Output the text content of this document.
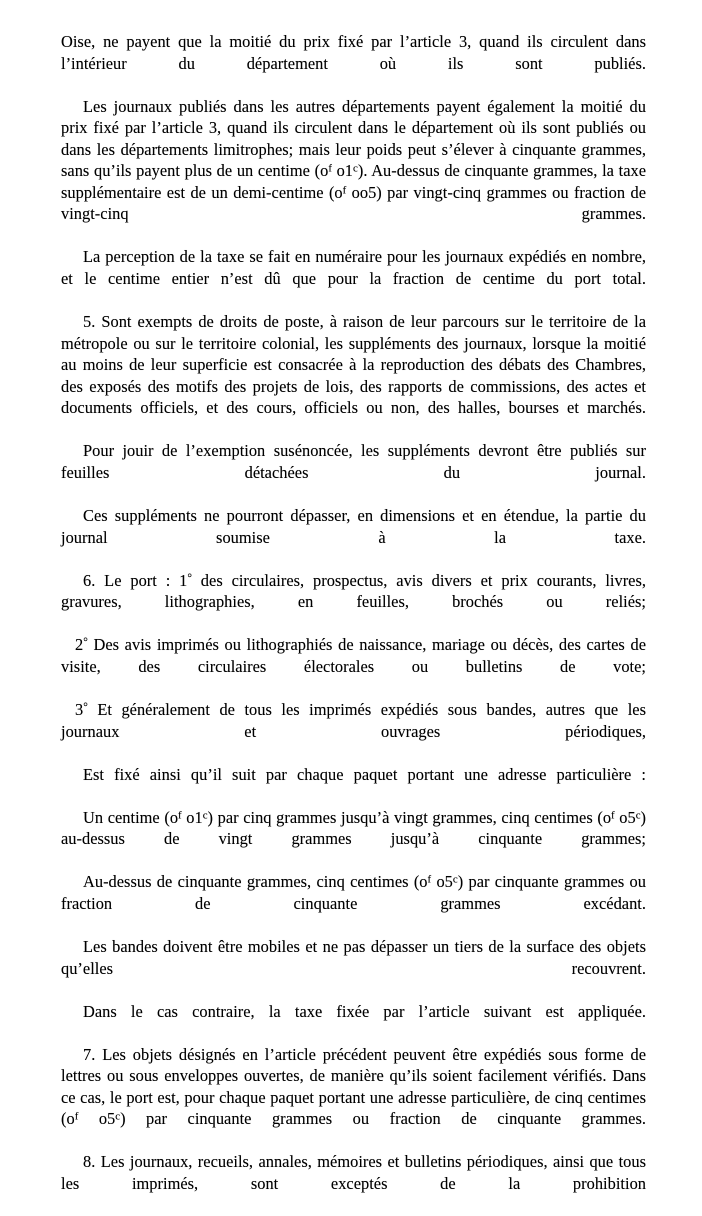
Oise, ne payent que la moitié du prix fixé par l’article 3, quand ils circulent dans l’intérieur du département où ils sont publiés.

Les journaux publiés dans les autres départements payent également la moitié du prix fixé par l’article 3, quand ils circulent dans le département où ils sont publiés ou dans les départements limitrophes; mais leur poids peut s’élever à cinquante grammes, sans qu’ils payent plus de un centime ($o^f$ o1$^c$). Au-dessus de cinquante grammes, la taxe supplémentaire est de un demi-centime ($o^f$ oo5) par vingt-cinq grammes ou fraction de vingt-cinq grammes.

La perception de la taxe se fait en numéraire pour les journaux expédiés en nombre, et le centime entier n’est dû que pour la fraction de centime du port total.

5. Sont exempts de droits de poste, à raison de leur parcours sur le territoire de la métropole ou sur le territoire colonial, les suppléments des journaux, lorsque la moitié au moins de leur superficie est consacrée à la reproduction des débats des Chambres, des exposés des motifs des projets de lois, des rapports de commissions, des actes et documents officiels, et des cours, officiels ou non, des halles, bourses et marchés.

Pour jouir de l’exemption susénoncée, les suppléments devront être publiés sur feuilles détachées du journal.

Ces suppléments ne pourront dépasser, en dimensions et en étendue, la partie du journal soumise à la taxe.

6. Le port : 1° des circulaires, prospectus, avis divers et prix courants, livres, gravures, lithographies, en feuilles, brochés ou reliés;

2° Des avis imprimés ou lithographiés de naissance, mariage ou décès, des cartes de visite, des circulaires électorales ou bulletins de vote;

3° Et généralement de tous les imprimés expédiés sous bandes, autres que les journaux et ouvrages périodiques,

Est fixé ainsi qu’il suit par chaque paquet portant une adresse particulière :

Un centime ($o^f$ o1$^c$) par cinq grammes jusqu’à vingt grammes, cinq centimes ($o^f$ o5$^c$) au-dessus de vingt grammes jusqu’à cinquante grammes;

Au-dessus de cinquante grammes, cinq centimes ($o^f$ o5$^c$) par cinquante grammes ou fraction de cinquante grammes excédant.

Les bandes doivent être mobiles et ne pas dépasser un tiers de la surface des objets qu’elles recouvrent.

Dans le cas contraire, la taxe fixée par l’article suivant est appliquée.

7. Les objets désignés en l’article précédent peuvent être expédiés sous forme de lettres ou sous enveloppes ouvertes, de manière qu’ils soient facilement vérifiés. Dans ce cas, le port est, pour chaque paquet portant une adresse particulière, de cinq centimes ($o^f$ o5$^c$) par cinquante grammes ou fraction de cinquante grammes.

8. Les journaux, recueils, annales, mémoires et bulletins périodiques, ainsi que tous les imprimés, sont exceptés de la prohibition
